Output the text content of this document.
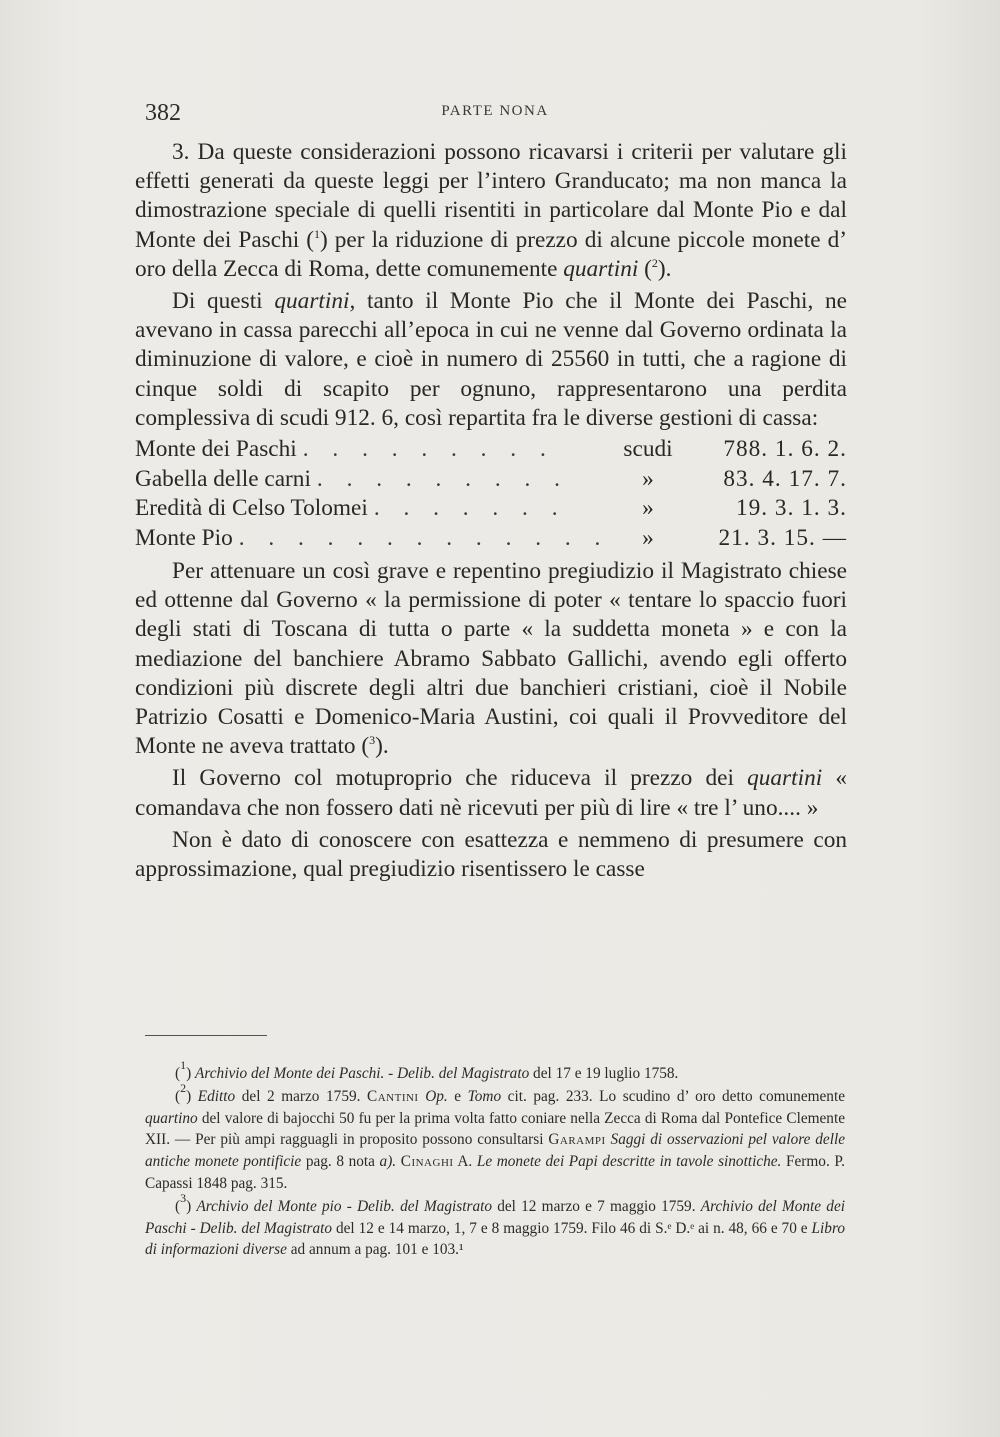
382	PARTE NONA

3. Da queste considerazioni possono ricavarsi i criterii per valutare gli effetti generati da queste leggi per l’intero Granducato; ma non manca la dimostrazione speciale di quelli risentiti in particolare dal Monte Pio e dal Monte dei Paschi ($^1$) per la riduzione di prezzo di alcune piccole monete d’ oro della Zecca di Roma, dette comunemente quartini ($^2$).

Di questi quartini, tanto il Monte Pio che il Monte dei Paschi, ne avevano in cassa parecchi all’epoca in cui ne venne dal Governo ordinata la diminuzione di valore, e cioè in numero di 25560 in tutti, che a ragione di cinque soldi di scapito per ognuno, rappresentarono una perdita complessiva di scudi 912. 6, così repartita fra le diverse gestioni di cassa:

Monte dei Paschi . . . . . . . . .	scudi	788. 1. 6. 2.
Gabella delle carni . . . . . . . . .	»	83. 4. 17. 7.
Eredità di Celso Tolomei . . . . . . .	»	19. 3. 1. 3.
Monte Pio . . . . . . . . . . . . .	»	21. 3. 15. —

Per attenuare un così grave e repentino pregiudizio il Magistrato chiese ed ottenne dal Governo « la permissione di poter « tentare lo spaccio fuori degli stati di Toscana di tutta o parte « la suddetta moneta » e con la mediazione del banchiere Abramo Sabbato Gallichi, avendo egli offerto condizioni più discrete degli altri due banchieri cristiani, cioè il Nobile Patrizio Cosatti e Domenico-Maria Austini, coi quali il Provveditore del Monte ne aveva trattato ($^3$).

Il Governo col motuproprio che riduceva il prezzo dei quartini « comandava che non fossero dati nè ricevuti per più di lire « tre l’ uno.... »

Non è dato di conoscere con esattezza e nemmeno di presumere con approssimazione, qual pregiudizio risentissero le casse

($^1$) Archivio del Monte dei Paschi. - Delib. del Magistrato del 17 e 19 luglio 1758.

($^2$) Editto del 2 marzo 1759. Cantini Op. e Tomo cit. pag. 233. Lo scudino d’ oro detto comunemente quartino del valore di bajocchi 50 fu per la prima volta fatto coniare nella Zecca di Roma dal Pontefice Clemente XII. — Per più ampi ragguagli in proposito possono consultarsi Garampi Saggi di osservazioni pel valore delle antiche monete pontificie pag. 8 nota a). Cinaghi A. Le monete dei Papi descritte in tavole sinottiche. Fermo. P. Capassi 1848 pag. 315.

($^3$) Archivio del Monte pio - Delib. del Magistrato del 12 marzo e 7 maggio 1759. Archivio del Monte dei Paschi - Delib. del Magistrato del 12 e 14 marzo, 1, 7 e 8 maggio 1759. Filo 46 di S.ᵉ D.ᵉ ai n. 48, 66 e 70 e Libro di informazioni diverse ad annum a pag. 101 e 103.¹
